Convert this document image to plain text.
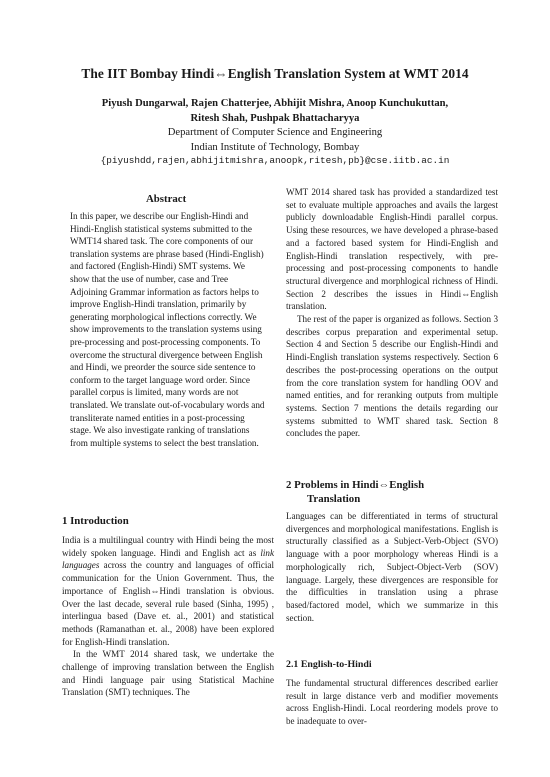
The IIT Bombay Hindi⇔English Translation System at WMT 2014
Piyush Dungarwal, Rajen Chatterjee, Abhijit Mishra, Anoop Kunchukuttan,
Ritesh Shah, Pushpak Bhattacharyya
Department of Computer Science and Engineering
Indian Institute of Technology, Bombay
{piyushdd,rajen,abhijitmishra,anoopk,ritesh,pb}@cse.iitb.ac.in
Abstract

In this paper, we describe our English-Hindi and Hindi-English statistical systems submitted to the WMT14 shared task. The core components of our translation systems are phrase based (Hindi-English) and factored (English-Hindi) SMT systems. We show that the use of number, case and Tree Adjoining Grammar information as factors helps to improve English-Hindi translation, primarily by generating morphological inflections correctly. We show improvements to the translation systems using pre-processing and post-processing components. To overcome the structural divergence between English and Hindi, we preorder the source side sentence to conform to the target language word order. Since parallel corpus is limited, many words are not translated. We translate out-of-vocabulary words and transliterate named entities in a post-processing stage. We also investigate ranking of translations from multiple systems to select the best translation.

1 Introduction

India is a multilingual country with Hindi being the most widely spoken language. Hindi and English act as link languages across the country and languages of official communication for the Union Government. Thus, the importance of English⇔Hindi translation is obvious. Over the last decade, several rule based (Sinha, 1995) , interlingua based (Dave et. al., 2001) and statistical methods (Ramanathan et. al., 2008) have been explored for English-Hindi translation.

In the WMT 2014 shared task, we undertake the challenge of improving translation between the English and Hindi language pair using Statistical Machine Translation (SMT) techniques. The

WMT 2014 shared task has provided a standardized test set to evaluate multiple approaches and avails the largest publicly downloadable English-Hindi parallel corpus. Using these resources, we have developed a phrase-based and a factored based system for Hindi-English and English-Hindi translation respectively, with pre-processing and post-processing components to handle structural divergence and morphlogical richness of Hindi. Section 2 describes the issues in Hindi⇔English translation.

The rest of the paper is organized as follows. Section 3 describes corpus preparation and experimental setup. Section 4 and Section 5 describe our English-Hindi and Hindi-English translation systems respectively. Section 6 describes the post-processing operations on the output from the core translation system for handling OOV and named entities, and for reranking outputs from multiple systems. Section 7 mentions the details regarding our systems submitted to WMT shared task. Section 8 concludes the paper.

2 Problems in Hindi⇔English
Translation

Languages can be differentiated in terms of structural divergences and morphological manifestations. English is structurally classified as a Subject-Verb-Object (SVO) language with a poor morphology whereas Hindi is a morphologically rich, Subject-Object-Verb (SOV) language. Largely, these divergences are responsible for the difficulties in translation using a phrase based/factored model, which we summarize in this section.

2.1 English-to-Hindi

The fundamental structural differences described earlier result in large distance verb and modifier movements across English-Hindi. Local reordering models prove to be inadequate to over-
